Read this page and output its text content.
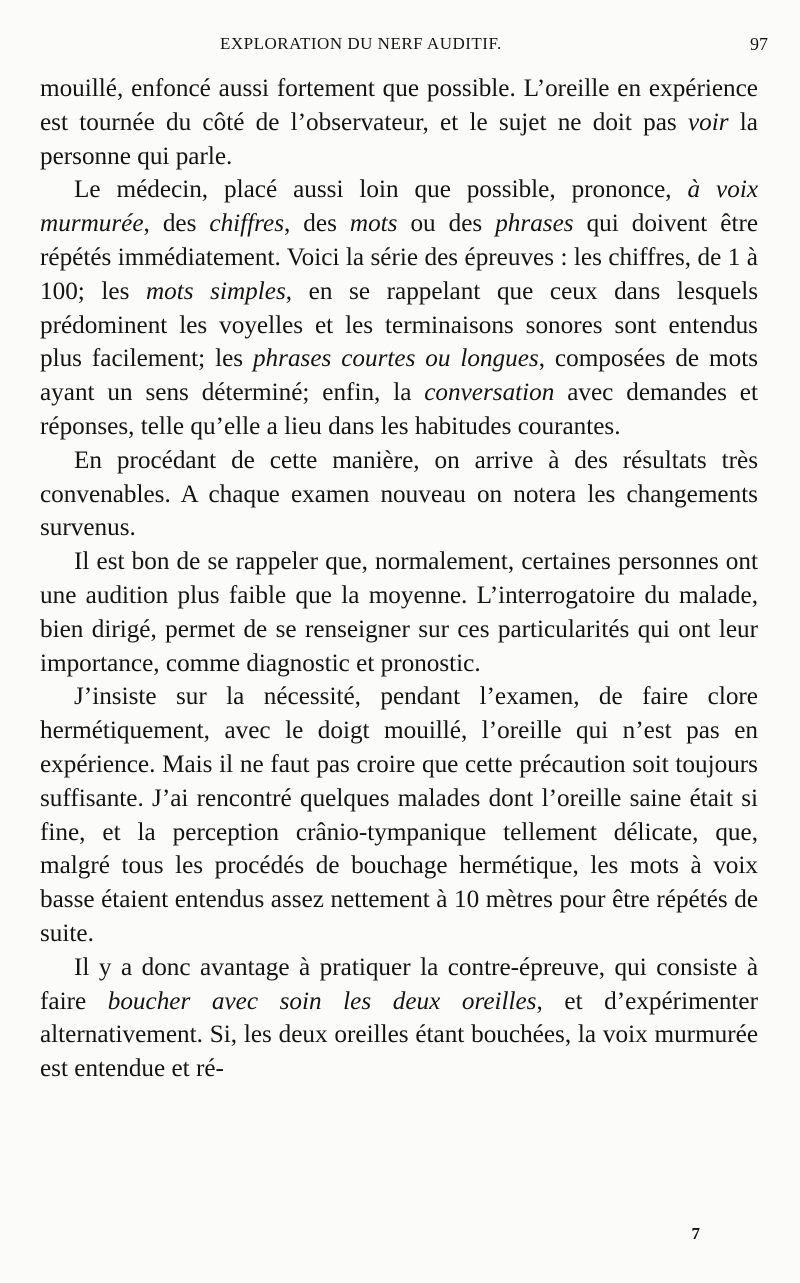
EXPLORATION DU NERF AUDITIF.	97

mouillé, enfoncé aussi fortement que possible. L’oreille en expérience est tournée du côté de l’observateur, et le sujet ne doit pas voir la personne qui parle.

Le médecin, placé aussi loin que possible, prononce, à voix murmurée, des chiffres, des mots ou des phrases qui doivent être répétés immédiatement. Voici la série des épreuves : les chiffres, de 1 à 100; les mots simples, en se rappelant que ceux dans lesquels prédominent les voyelles et les terminaisons sonores sont entendus plus facilement; les phrases courtes ou longues, composées de mots ayant un sens déterminé; enfin, la conversation avec demandes et réponses, telle qu’elle a lieu dans les habitudes courantes.

En procédant de cette manière, on arrive à des résultats très convenables. A chaque examen nouveau on notera les changements survenus.

Il est bon de se rappeler que, normalement, certaines personnes ont une audition plus faible que la moyenne. L’interrogatoire du malade, bien dirigé, permet de se renseigner sur ces particularités qui ont leur importance, comme diagnostic et pronostic.

J’insiste sur la nécessité, pendant l’examen, de faire clore hermétiquement, avec le doigt mouillé, l’oreille qui n’est pas en expérience. Mais il ne faut pas croire que cette précaution soit toujours suffisante. J’ai rencontré quelques malades dont l’oreille saine était si fine, et la perception crânio-tympanique tellement délicate, que, malgré tous les procédés de bouchage hermétique, les mots à voix basse étaient entendus assez nettement à 10 mètres pour être répétés de suite.

Il y a donc avantage à pratiquer la contre-épreuve, qui consiste à faire boucher avec soin les deux oreilles, et d’expérimenter alternativement. Si, les deux oreilles étant bouchées, la voix murmurée est entendue et ré-

7
